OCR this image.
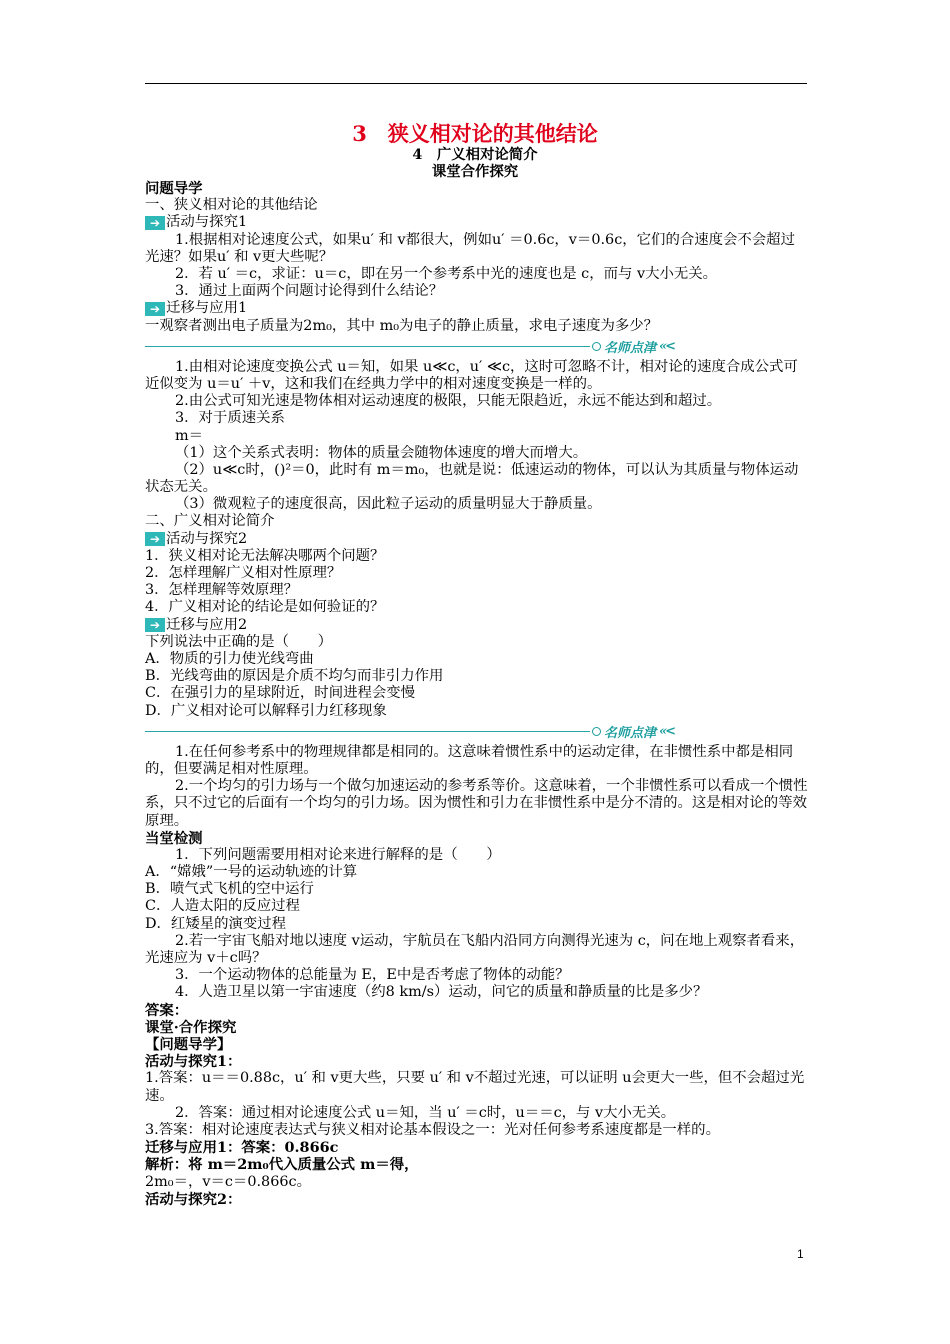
3　狭义相对论的其他结论
4　广义相对论简介
课堂合作探究
问题导学
一、狭义相对论的其他结论
➔ 活动与探究1
1.根据相对论速度公式，如果u′ 和 v都很大，例如u′ ＝0.6c，v＝0.6c，它们的合速度会不会超过光速？如果u′ 和 v更大些呢？
2．若 u′ ＝c，求证：u＝c，即在另一个参考系中光的速度也是 c，而与 v大小无关。
3．通过上面两个问题讨论得到什么结论？
➔ 迁移与应用1
一观察者测出电子质量为2m₀，其中 m₀为电子的静止质量，求电子速度为多少？
名师点津 «<
1.由相对论速度变换公式 u＝知，如果 u≪c，u′ ≪c，这时可忽略不计，相对论的速度合成公式可近似变为 u＝u′ ＋v，这和我们在经典力学中的相对速度变换是一样的。
2.由公式可知光速是物体相对运动速度的极限，只能无限趋近，永远不能达到和超过。
3．对于质速关系
m＝
（1）这个关系式表明：物体的质量会随物体速度的增大而增大。
（2）u≪c时，()²＝0，此时有 m＝m₀，也就是说：低速运动的物体，可以认为其质量与物体运动状态无关。
（3）微观粒子的速度很高，因此粒子运动的质量明显大于静质量。
二、广义相对论简介
➔ 活动与探究2
1．狭义相对论无法解决哪两个问题？
2．怎样理解广义相对性原理？
3．怎样理解等效原理？
4．广义相对论的结论是如何验证的？
➔ 迁移与应用2
下列说法中正确的是（　　）
A．物质的引力使光线弯曲
B．光线弯曲的原因是介质不均匀而非引力作用
C．在强引力的星球附近，时间进程会变慢
D．广义相对论可以解释引力红移现象
名师点津 «<
1.在任何参考系中的物理规律都是相同的。这意味着惯性系中的运动定律，在非惯性系中都是相同的，但要满足相对性原理。
2.一个均匀的引力场与一个做匀加速运动的参考系等价。这意味着，一个非惯性系可以看成一个惯性系，只不过它的后面有一个均匀的引力场。因为惯性和引力在非惯性系中是分不清的。这是相对论的等效原理。
当堂检测
1．下列问题需要用相对论来进行解释的是（　　）
A．“嫦娥”一号的运动轨迹的计算
B．喷气式飞机的空中运行
C．人造太阳的反应过程
D．红矮星的演变过程
2.若一宇宙飞船对地以速度 v运动，宇航员在飞船内沿同方向测得光速为 c，问在地上观察者看来，光速应为 v＋c吗？
3．一个运动物体的总能量为 E，E中是否考虑了物体的动能？
4．人造卫星以第一宇宙速度（约8 km/s）运动，问它的质量和静质量的比是多少？
答案：
课堂·合作探究
【问题导学】
活动与探究1：
1.答案：u＝＝0.88c，u′ 和 v更大些，只要 u′ 和 v不超过光速，可以证明 u会更大一些，但不会超过光速。
2．答案：通过相对论速度公式 u＝知，当 u′ ＝c时，u＝＝c，与 v大小无关。
3.答案：相对论速度表达式与狭义相对论基本假设之一：光对任何参考系速度都是一样的。
迁移与应用1：答案：0.866c
解析：将 m＝2m₀代入质量公式 m＝得，
2m₀＝，v＝c＝0.866c。
活动与探究2：
1
